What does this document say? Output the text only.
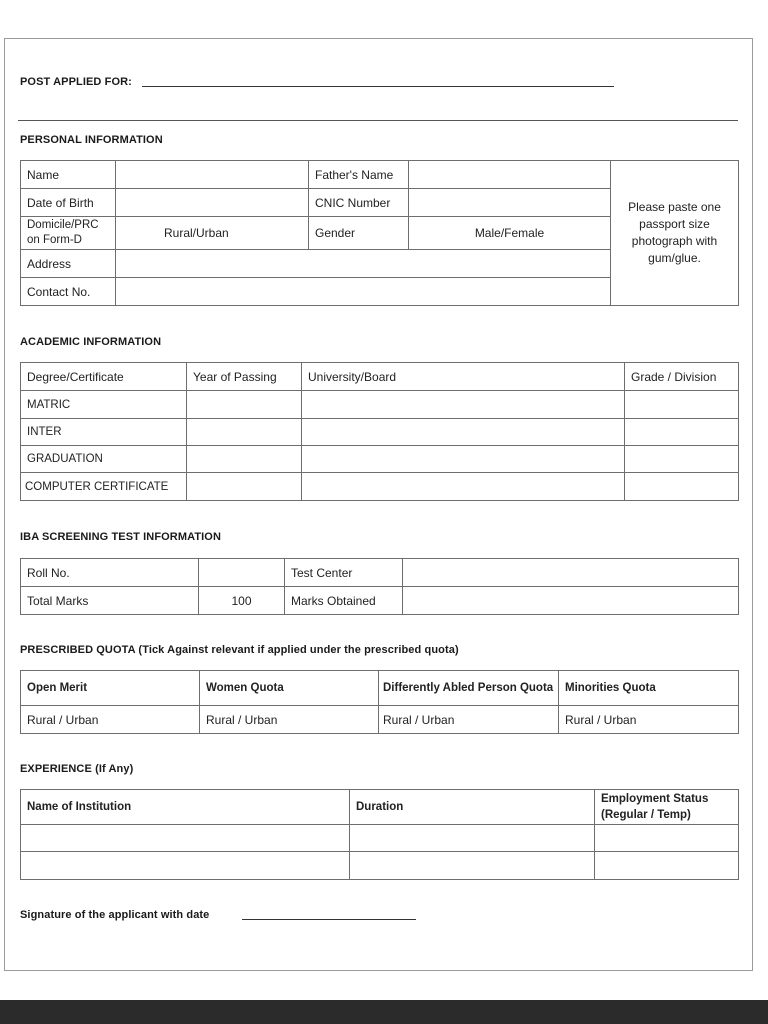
POST APPLIED FOR:
PERSONAL INFORMATION
Name		Father's Name		Please paste one passport size photograph with gum/glue.
Date of Birth		CNIC Number		
Domicile/PRC
on Form-D	Rural/Urban	Gender	Male/Female	
Address				
Contact No.				
ACADEMIC INFORMATION
Degree/Certificate	Year of Passing	University/Board	Grade / Division
MATRIC			
INTER			
GRADUATION			
COMPUTER CERTIFICATE			
IBA SCREENING TEST INFORMATION
Roll No.		Test Center	
Total Marks	100	Marks Obtained	
PRESCRIBED QUOTA (Tick Against relevant if applied under the prescribed quota)
Open Merit	Women Quota	Differently Abled Person Quota	Minorities Quota
Rural / Urban	Rural / Urban	Rural / Urban	Rural / Urban
EXPERIENCE (If Any)
Name of Institution	Duration	Employment Status
(Regular / Temp)

Signature of the applicant with date
